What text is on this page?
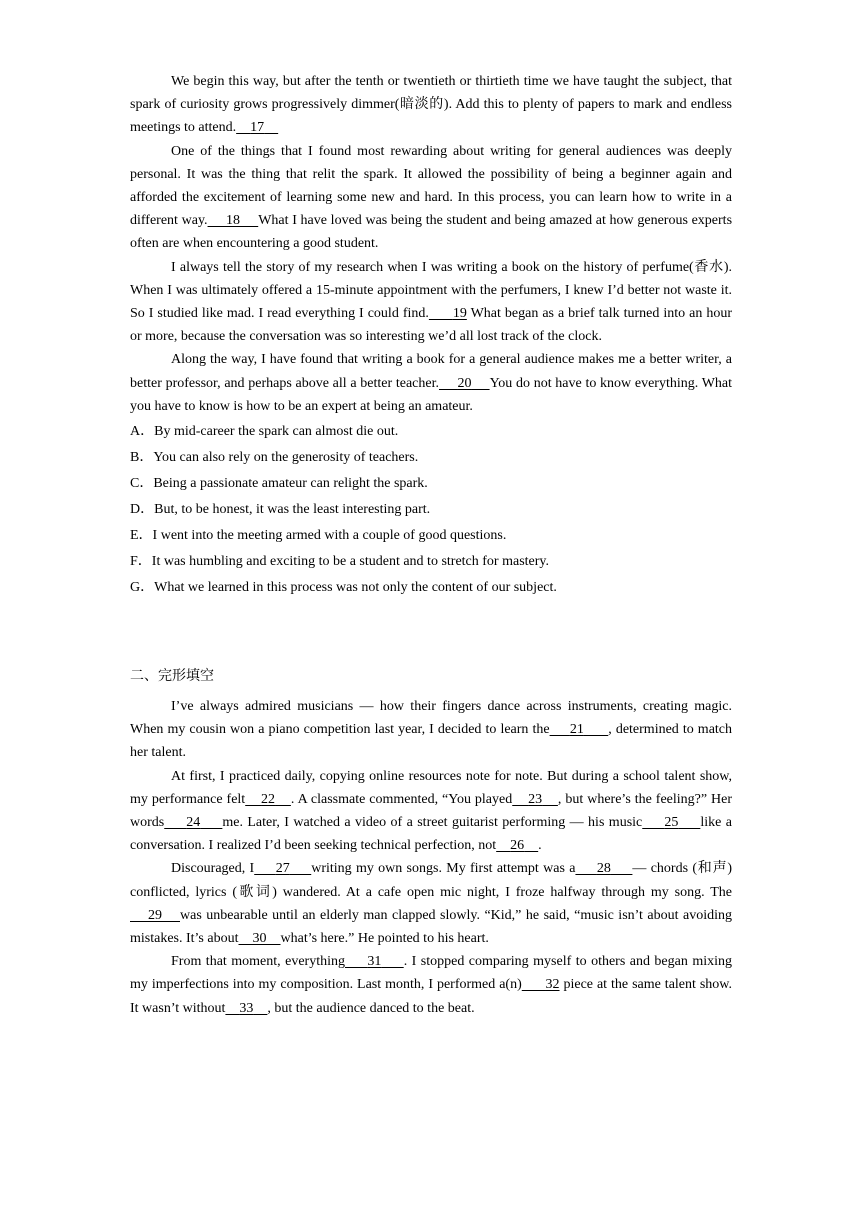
We begin this way, but after the tenth or twentieth or thirtieth time we have taught the subject, that spark of curiosity grows progressively dimmer(暗淡的). Add this to plenty of papers to mark and endless meetings to attend. 17

One of the things that I found most rewarding about writing for general audiences was deeply personal. It was the thing that relit the spark. It allowed the possibility of being a beginner again and afforded the excitement of learning some new and hard. In this process, you can learn how to write in a different way. 18 What I have loved was being the student and being amazed at how generous experts often are when encountering a good student.

I always tell the story of my research when I was writing a book on the history of perfume(香水). When I was ultimately offered a 15-minute appointment with the perfumers, I knew I’d better not waste it. So I studied like mad. I read everything I could find. 19 What began as a brief talk turned into an hour or more, because the conversation was so interesting we’d all lost track of the clock.

Along the way, I have found that writing a book for a general audience makes me a better writer, a better professor, and perhaps above all a better teacher. 20 You do not have to know everything. What you have to know is how to be an expert at being an amateur.

A．By mid-career the spark can almost die out.

B．You can also rely on the generosity of teachers.

C．Being a passionate amateur can relight the spark.

D．But, to be honest, it was the least interesting part.

E．I went into the meeting armed with a couple of good questions.

F．It was humbling and exciting to be a student and to stretch for mastery.

G．What we learned in this process was not only the content of our subject.

二、完形填空

I’ve always admired musicians — how their fingers dance across instruments, creating magic. When my cousin won a piano competition last year, I decided to learn the 21 , determined to match her talent.

At first, I practiced daily, copying online resources note for note. But during a school talent show, my performance felt 22 . A classmate commented, “You played 23 , but where’s the feeling?” Her words 24 me. Later, I watched a video of a street guitarist performing — his music 25 like a conversation. I realized I’d been seeking technical perfection, not 26 .

Discouraged, I 27 writing my own songs. My first attempt was a 28 — chords (和声) conflicted, lyrics (歌词) wandered. At a cafe open mic night, I froze halfway through my song. The    29 was unbearable until an elderly man clapped slowly. “Kid,” he said, “music isn’t about avoiding mistakes. It’s about 30 what’s here.” He pointed to his heart.

From that moment, everything 31 . I stopped comparing myself to others and began mixing my imperfections into my composition. Last month, I performed a(n) 32 piece at the same talent show. It wasn’t without 33 , but the audience danced to the beat.
